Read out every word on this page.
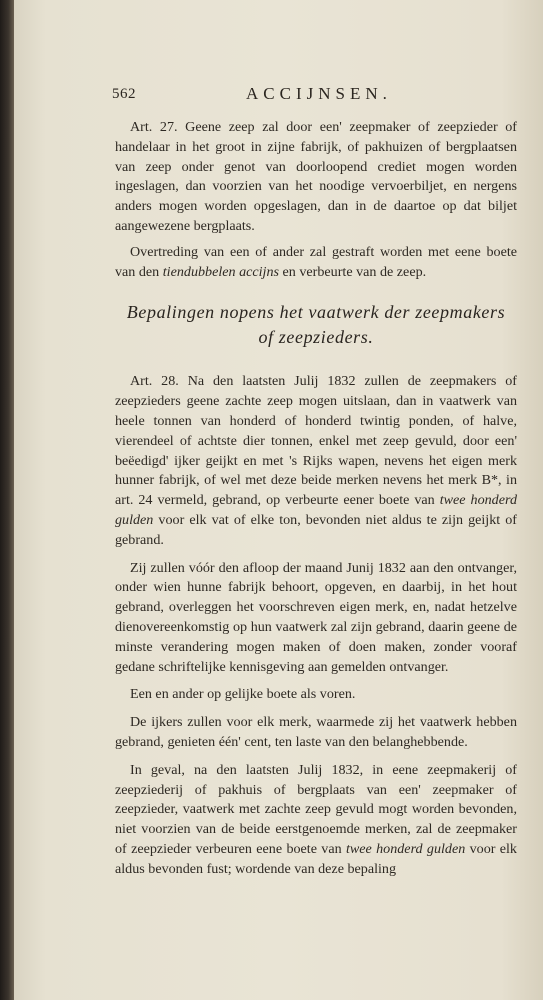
562	ACCIJNSEN.

Art. 27. Geene zeep zal door een' zeepmaker of zeepzieder of handelaar in het groot in zijne fabrijk, of pakhuizen of bergplaatsen van zeep onder genot van doorloopend crediet mogen worden ingeslagen, dan voorzien van het noodige vervoerbiljet, en nergens anders mogen worden opgeslagen, dan in de daartoe op dat biljet aangewezene bergplaats.

Overtreding van een of ander zal gestraft worden met eene boete van den tiendubbelen accijns en verbeurte van de zeep.

Bepalingen nopens het vaatwerk der zeepmakers
of zeepzieders.

Art. 28. Na den laatsten Julij 1832 zullen de zeepmakers of zeepzieders geene zachte zeep mogen uitslaan, dan in vaatwerk van heele tonnen van honderd of honderd twintig ponden, of halve, vierendeel of achtste dier tonnen, enkel met zeep gevuld, door een' beëedigd' ijker geijkt en met 's Rijks wapen, nevens het eigen merk hunner fabrijk, of wel met deze beide merken nevens het merk B*, in art. 24 vermeld, gebrand, op verbeurte eener boete van twee honderd gulden voor elk vat of elke ton, bevonden niet aldus te zijn geijkt of gebrand.

Zij zullen vóór den afloop der maand Junij 1832 aan den ontvanger, onder wien hunne fabrijk behoort, opgeven, en daarbij, in het hout gebrand, overleggen het voorschreven eigen merk, en, nadat hetzelve dienovereenkomstig op hun vaatwerk zal zijn gebrand, daarin geene de minste verandering mogen maken of doen maken, zonder vooraf gedane schriftelijke kennisgeving aan gemelden ontvanger.

Een en ander op gelijke boete als voren.

De ijkers zullen voor elk merk, waarmede zij het vaatwerk hebben gebrand, genieten één' cent, ten laste van den belanghebbende.

In geval, na den laatsten Julij 1832, in eene zeepmakerij of zeepziederij of pakhuis of bergplaats van een' zeepmaker of zeepzieder, vaatwerk met zachte zeep gevuld mogt worden bevonden, niet voorzien van de beide eerstgenoemde merken, zal de zeepmaker of zeepzieder verbeuren eene boete van twee honderd gulden voor elk aldus bevonden fust; wordende van deze bepaling
